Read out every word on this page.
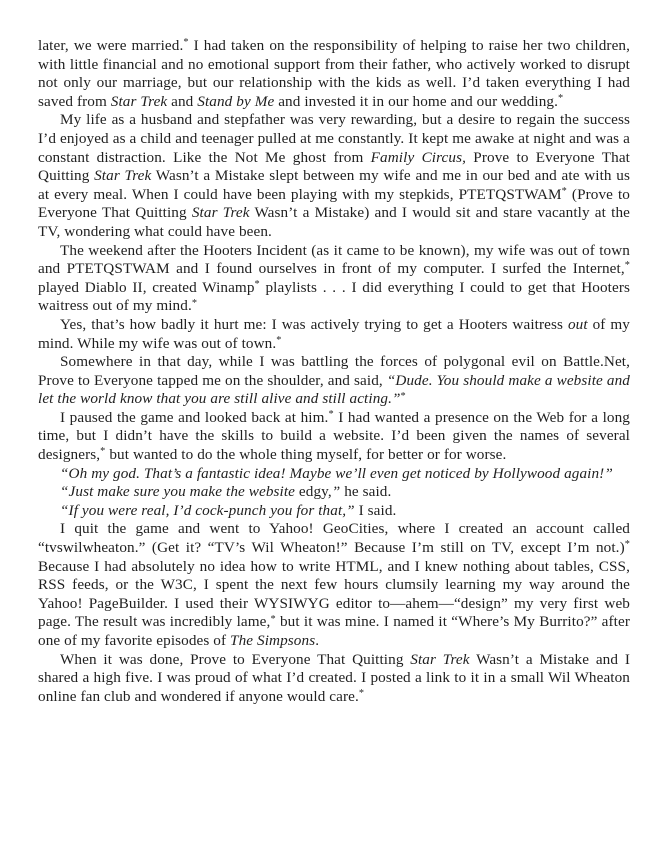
later, we were married.* I had taken on the responsibility of helping to raise her two children, with little financial and no emotional support from their father, who actively worked to disrupt not only our marriage, but our relationship with the kids as well. I’d taken everything I had saved from Star Trek and Stand by Me and invested it in our home and our wedding.*

My life as a husband and stepfather was very rewarding, but a desire to regain the success I’d enjoyed as a child and teenager pulled at me constantly. It kept me awake at night and was a constant distraction. Like the Not Me ghost from Family Circus, Prove to Everyone That Quitting Star Trek Wasn’t a Mistake slept between my wife and me in our bed and ate with us at every meal. When I could have been playing with my stepkids, PTETQSTWAM* (Prove to Everyone That Quitting Star Trek Wasn’t a Mistake) and I would sit and stare vacantly at the TV, wondering what could have been.

The weekend after the Hooters Incident (as it came to be known), my wife was out of town and PTETQSTWAM and I found ourselves in front of my computer. I surfed the Internet,* played Diablo II, created Winamp* playlists . . . I did everything I could to get that Hooters waitress out of my mind.*

Yes, that’s how badly it hurt me: I was actively trying to get a Hooters waitress out of my mind. While my wife was out of town.*

Somewhere in that day, while I was battling the forces of polygonal evil on Battle.Net, Prove to Everyone tapped me on the shoulder, and said, “Dude. You should make a website and let the world know that you are still alive and still acting.”*

I paused the game and looked back at him.* I had wanted a presence on the Web for a long time, but I didn’t have the skills to build a website. I’d been given the names of several designers,* but wanted to do the whole thing myself, for better or for worse.

“Oh my god. That’s a fantastic idea! Maybe we’ll even get noticed by Hollywood again!”

“Just make sure you make the website edgy,” he said.

“If you were real, I’d cock-punch you for that,” I said.

I quit the game and went to Yahoo! GeoCities, where I created an account called “tvswilwheaton.” (Get it? “TV’s Wil Wheaton!” Because I’m still on TV, except I’m not.)* Because I had absolutely no idea how to write HTML, and I knew nothing about tables, CSS, RSS feeds, or the W3C, I spent the next few hours clumsily learning my way around the Yahoo! PageBuilder. I used their WYSIWYG editor to—ahem—“design” my very first web page. The result was incredibly lame,* but it was mine. I named it “Where’s My Burrito?” after one of my favorite episodes of The Simpsons.

When it was done, Prove to Everyone That Quitting Star Trek Wasn’t a Mistake and I shared a high five. I was proud of what I’d created. I posted a link to it in a small Wil Wheaton online fan club and wondered if anyone would care.*
